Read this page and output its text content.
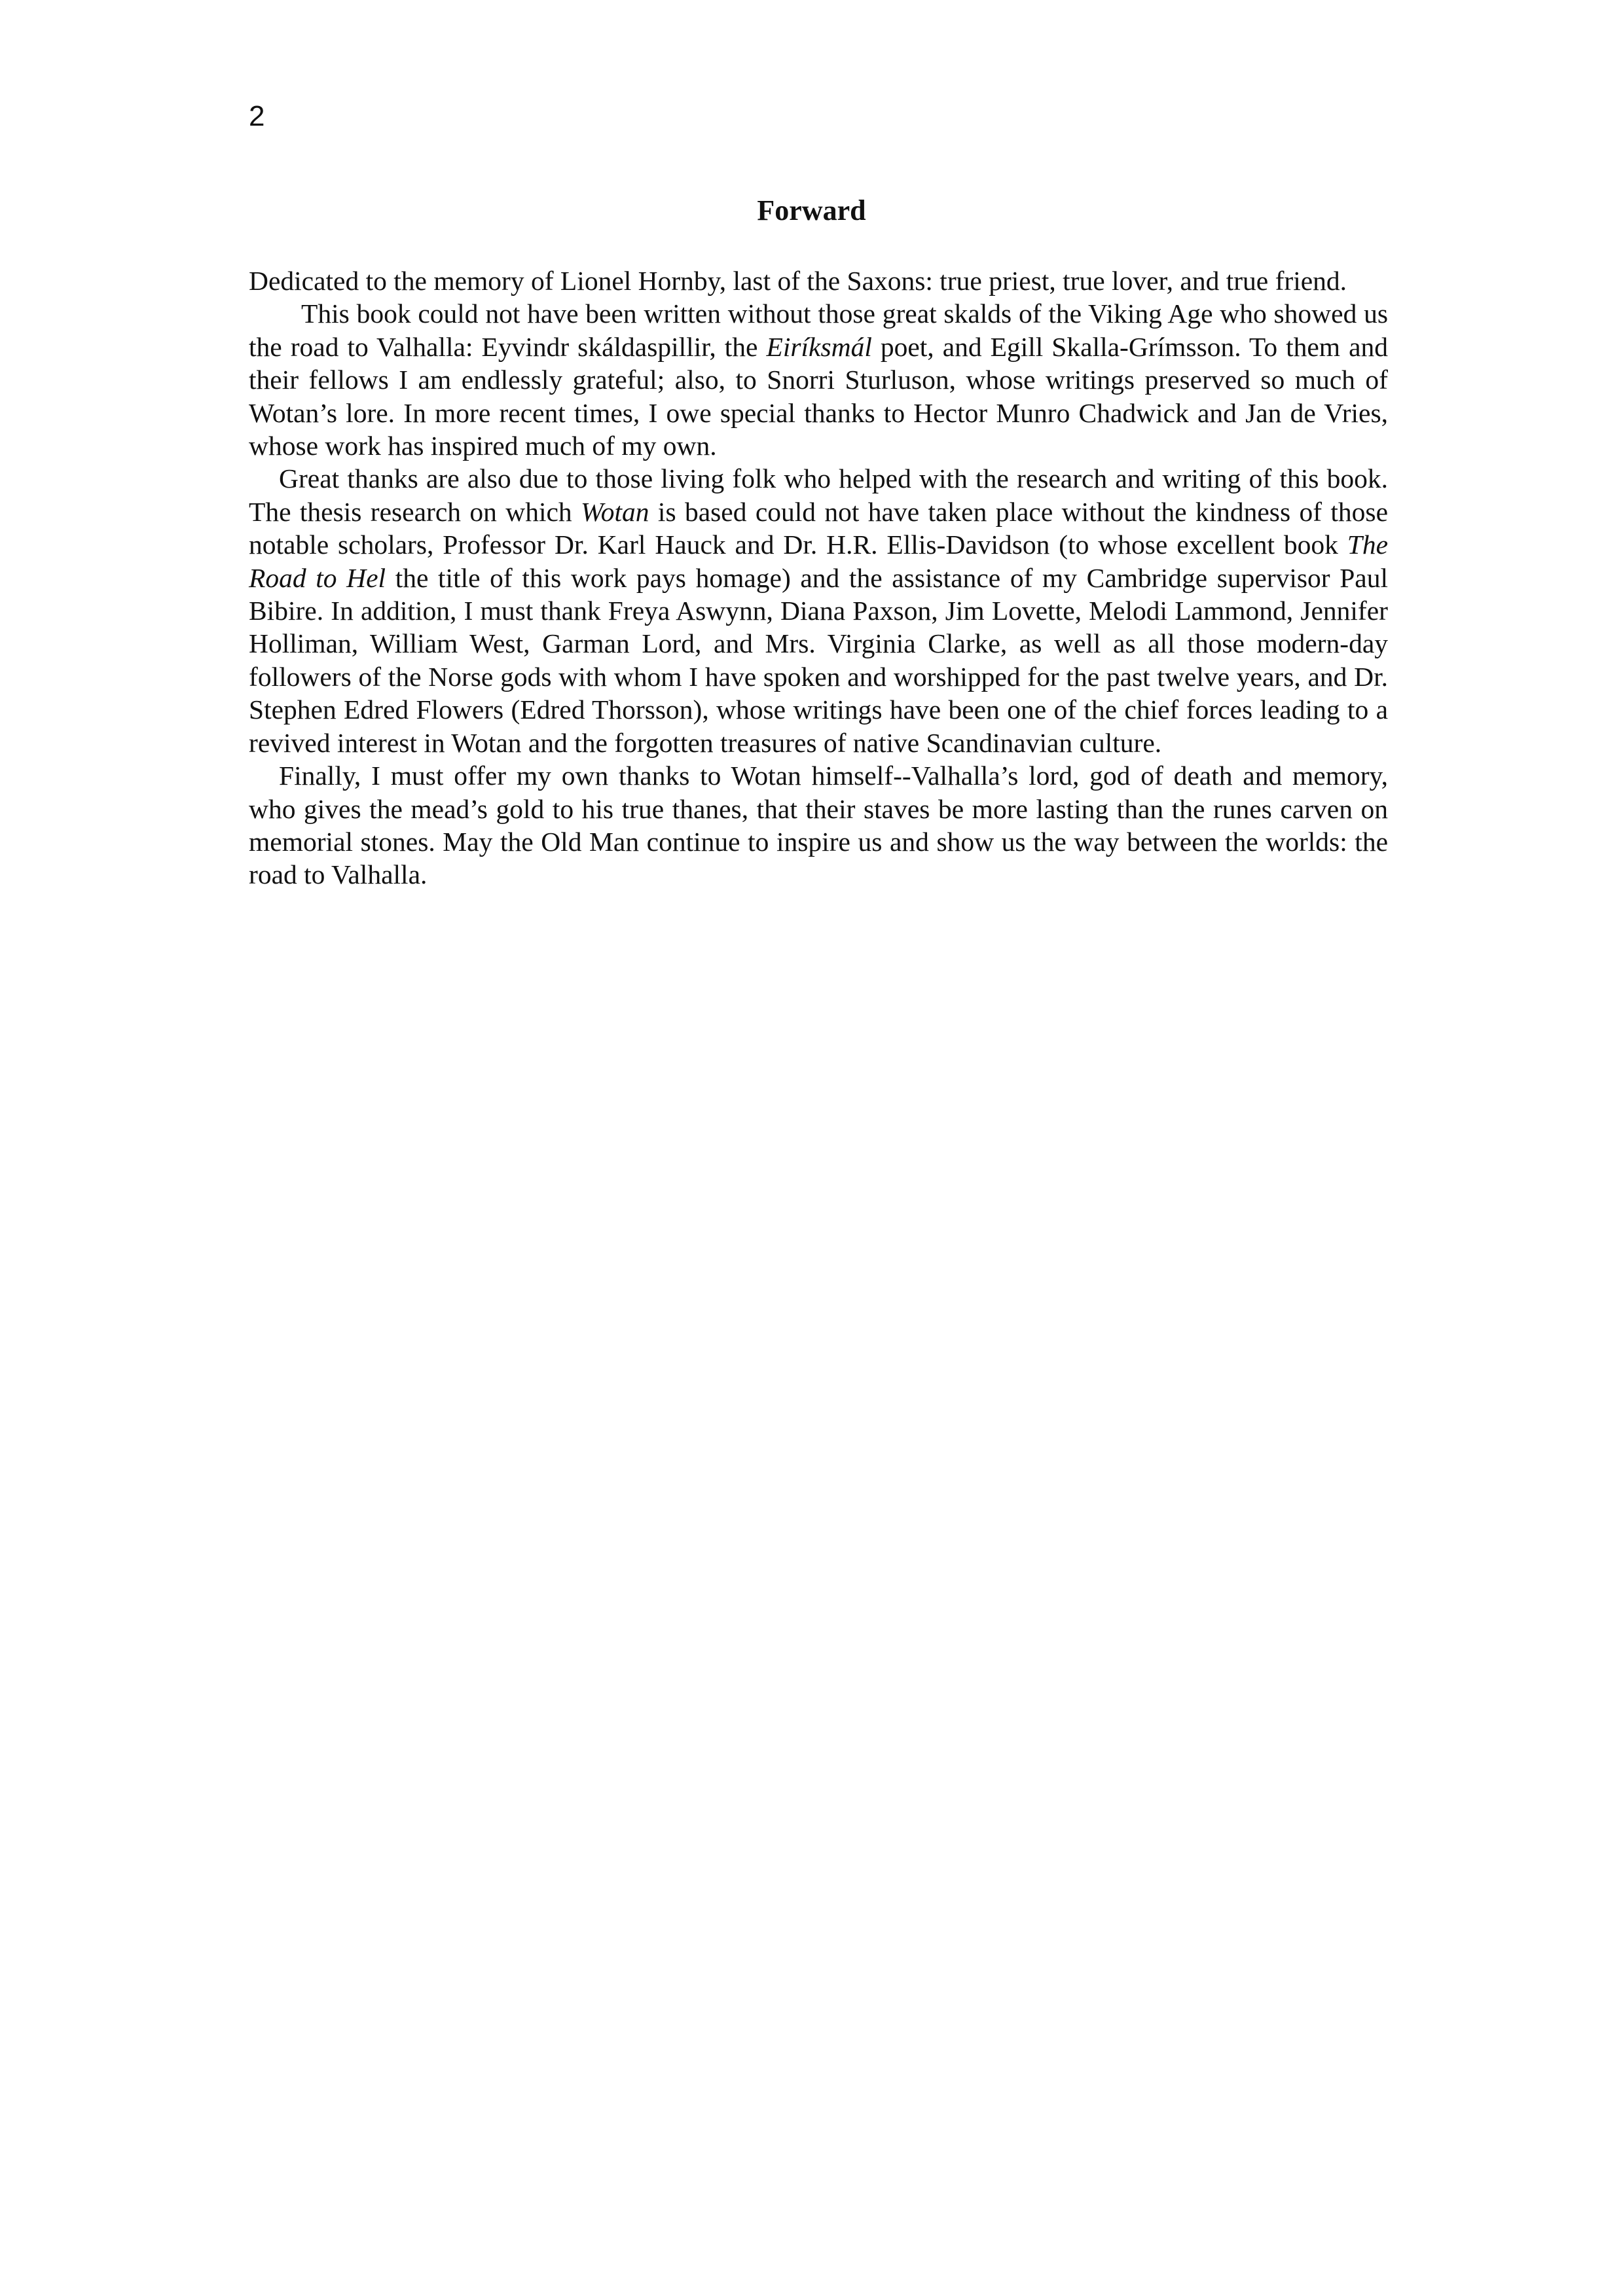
2
Forward

Dedicated to the memory of Lionel Hornby, last of the Saxons: true priest, true lover, and true friend.

This book could not have been written without those great skalds of the Viking Age who showed us the road to Valhalla: Eyvindr skáldaspillir, the Eiríksmál poet, and Egill Skalla-Grímsson. To them and their fellows I am endlessly grateful; also, to Snorri Sturluson, whose writings preserved so much of Wotan’s lore. In more recent times, I owe special thanks to Hector Munro Chadwick and Jan de Vries, whose work has inspired much of my own.

Great thanks are also due to those living folk who helped with the research and writing of this book. The thesis research on which Wotan is based could not have taken place without the kindness of those notable scholars, Professor Dr. Karl Hauck and Dr. H.R. Ellis-Davidson (to whose excellent book The Road to Hel the title of this work pays homage) and the assistance of my Cambridge supervisor Paul Bibire. In addition, I must thank Freya Aswynn, Diana Paxson, Jim Lovette, Melodi Lammond, Jennifer Holliman, William West, Garman Lord, and Mrs. Virginia Clarke, as well as all those modern-day followers of the Norse gods with whom I have spoken and worshipped for the past twelve years, and Dr. Stephen Edred Flowers (Edred Thorsson), whose writings have been one of the chief forces leading to a revived interest in Wotan and the forgotten treasures of native Scandinavian culture.

Finally, I must offer my own thanks to Wotan himself--Valhalla’s lord, god of death and memory, who gives the mead’s gold to his true thanes, that their staves be more lasting than the runes carven on memorial stones. May the Old Man continue to inspire us and show us the way between the worlds: the road to Valhalla.
